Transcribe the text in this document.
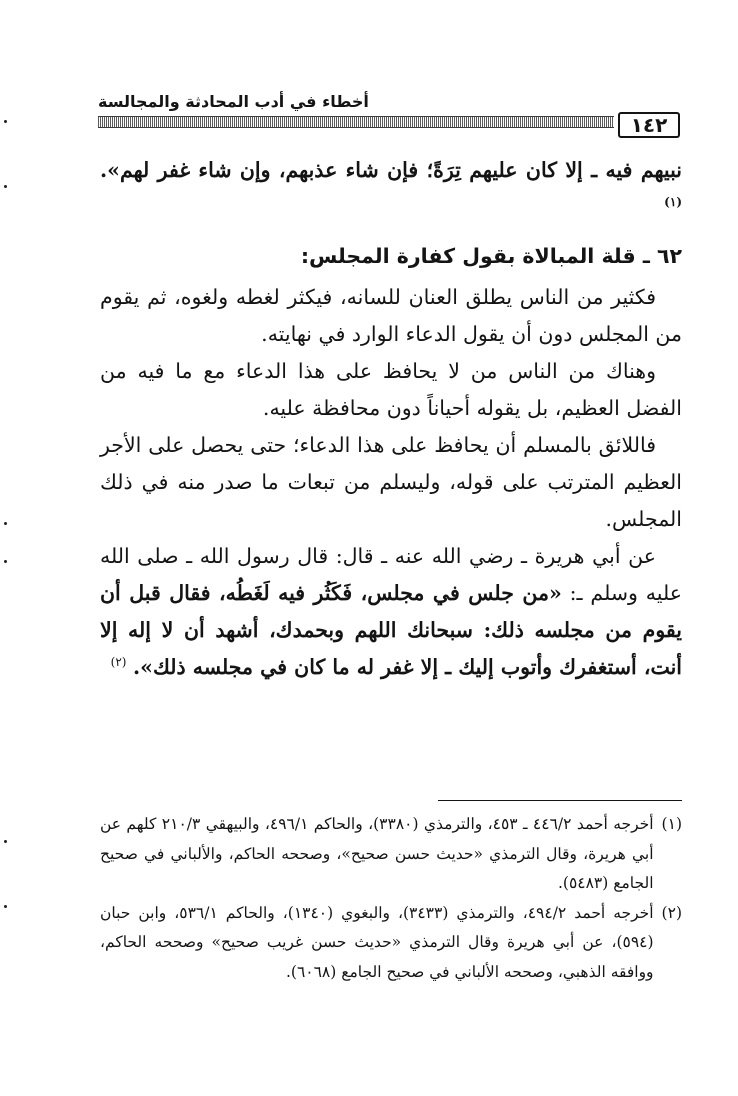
١٤٢
أخطاء في أدب المحادثة والمجالسة

نبيهم فيه ـ إلا كان عليهم تِرَةً؛ فإن شاء عذبهم، وإن شاء غفر لهم». $^{(١)}$

٦٢ ـ قلة المبالاة بقول كفارة المجلس:

فكثير من الناس يطلق العنان للسانه، فيكثر لغطه ولغوه، ثم يقوم من المجلس دون أن يقول الدعاء الوارد في نهايته.

وهناك من الناس من لا يحافظ على هذا الدعاء مع ما فيه من الفضل العظيم، بل يقوله أحياناً دون محافظة عليه.

فاللائق بالمسلم أن يحافظ على هذا الدعاء؛ حتى يحصل على الأجر العظيم المترتب على قوله، وليسلم من تبعات ما صدر منه في ذلك المجلس.

عن أبي هريرة ـ رضي الله عنه ـ قال: قال رسول الله ـ صلى الله عليه وسلم ـ: «من جلس في مجلس، فَكَثُر فيه لَغَطُه، فقال قبل أن يقوم من مجلسه ذلك: سبحانك اللهم وبحمدك، أشهد أن لا إله إلا أنت، أستغفرك وأتوب إليك ـ إلا غفر له ما كان في مجلسه ذلك». $^{(٢)}$

(١)
أخرجه أحمد ٤٤٦/٢ ـ ٤٥٣، والترمذي (٣٣٨٠)، والحاكم ٤٩٦/١، والبيهقي ٢١٠/٣ كلهم عن أبي هريرة، وقال الترمذي «حديث حسن صحيح»، وصححه الحاكم، والألباني في صحيح الجامع (٥٤٨٣).

(٢)
أخرجه أحمد ٤٩٤/٢، والترمذي (٣٤٣٣)، والبغوي (١٣٤٠)، والحاكم ٥٣٦/١، وابن حبان (٥٩٤)، عن أبي هريرة وقال الترمذي «حديث حسن غريب صحيح» وصححه الحاكم، ووافقه الذهبي، وصححه الألباني في صحيح الجامع (٦٠٦٨).
